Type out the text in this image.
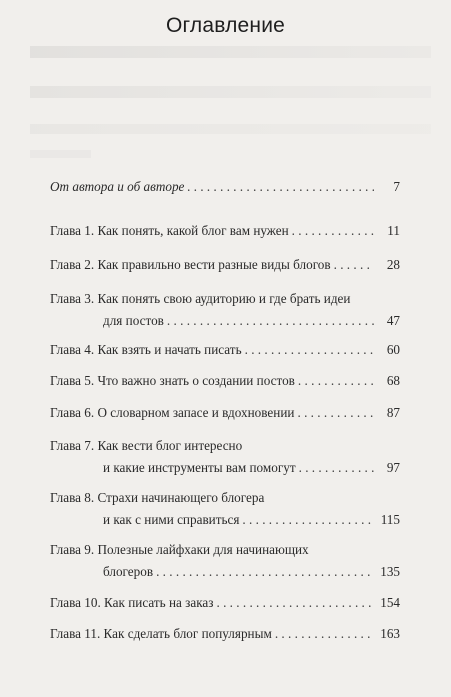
Оглавление
От автора и об авторе . . .	7
Глава 1. Как понять, какой блог вам нужен . . .	11
Глава 2. Как правильно вести разные виды блогов . . .	28
Глава 3. Как понять свою аудиторию и где брать идеи
для постов . . .	47
Глава 4. Как взять и начать писать . . .	60
Глава 5. Что важно знать о создании постов . . .	68
Глава 6. О словарном запасе и вдохновении . . .	87
Глава 7. Как вести блог интересно
и какие инструменты вам помогут . . .	97
Глава 8. Страхи начинающего блогера
и как с ними справиться . . .	115
Глава 9. Полезные лайфхаки для начинающих
блогеров . . .	135
Глава 10. Как писать на заказ . . .	154
Глава 11. Как сделать блог популярным . . .	163
